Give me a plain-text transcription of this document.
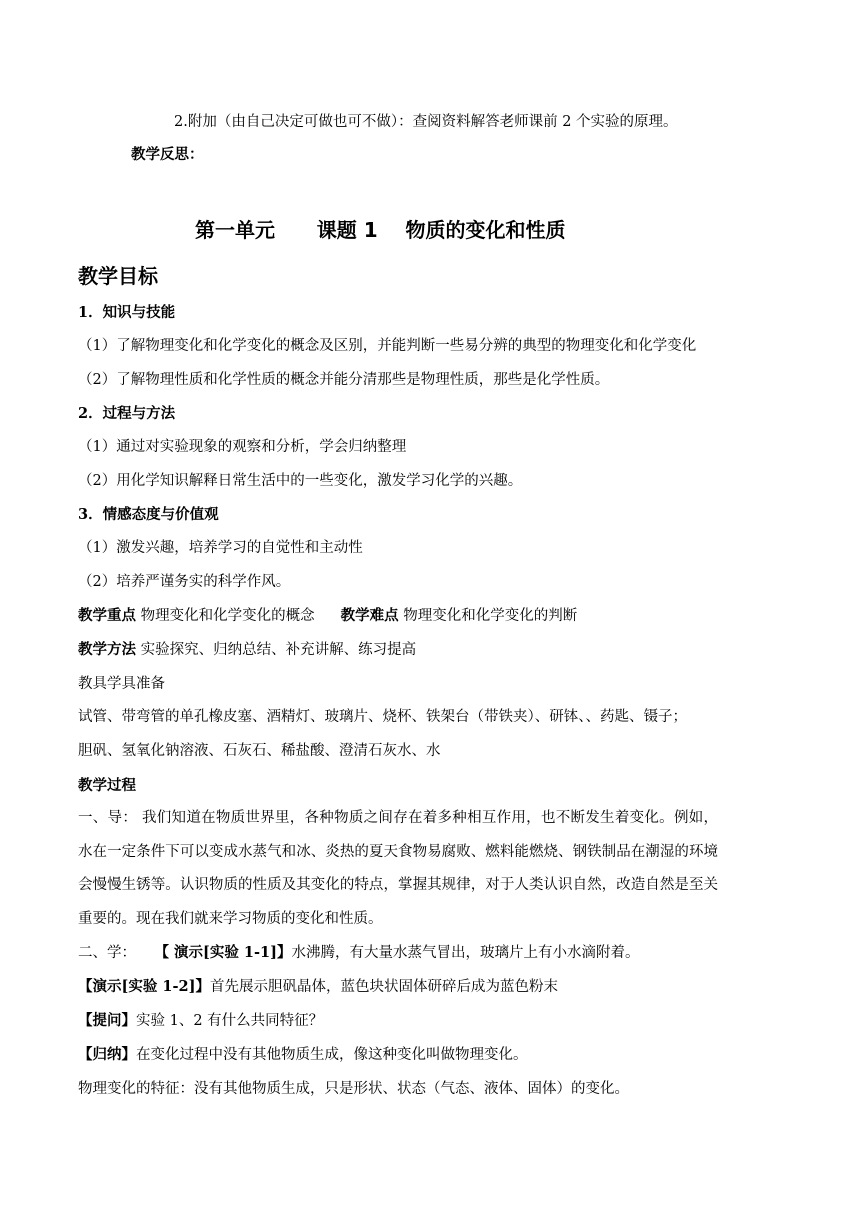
2.附加（由自己决定可做也可不做）：查阅资料解答老师课前 2 个实验的原理。
教学反思：
第一单元      课题 1    物质的变化和性质
教学目标
1．知识与技能
（1）了解物理变化和化学变化的概念及区别，并能判断一些易分辨的典型的物理变化和化学变化
（2）了解物理性质和化学性质的概念并能分清那些是物理性质，那些是化学性质。
2．过程与方法
（1）通过对实验现象的观察和分析，学会归纳整理
（2）用化学知识解释日常生活中的一些变化，激发学习化学的兴趣。
3．情感态度与价值观
（1）激发兴趣，培养学习的自觉性和主动性
（2）培养严谨务实的科学作风。
教学重点 物理变化和化学变化的概念 教学难点 物理变化和化学变化的判断
教学方法 实验探究、归纳总结、补充讲解、练习提高
教具学具准备
试管、带弯管的单孔橡皮塞、酒精灯、玻璃片、烧杯、铁架台（带铁夹）、研钵、、药匙、镊子；
胆矾、氢氧化钠溶液、石灰石、稀盐酸、澄清石灰水、水
教学过程
一、导： 我们知道在物质世界里，各种物质之间存在着多种相互作用，也不断发生着变化。例如，水在一定条件下可以变成水蒸气和冰、炎热的夏天食物易腐败、燃料能燃烧、钢铁制品在潮湿的环境会慢慢生锈等。认识物质的性质及其变化的特点，掌握其规律，对于人类认识自然，改造自然是至关重要的。现在我们就来学习物质的变化和性质。
二、学：    【 演示[实验 1-1]】水沸腾，有大量水蒸气冒出，玻璃片上有小水滴附着。
【演示[实验 1-2]】首先展示胆矾晶体，蓝色块状固体研碎后成为蓝色粉末
【提问】实验 1、2 有什么共同特征？
【归纳】在变化过程中没有其他物质生成，像这种变化叫做物理变化。
物理变化的特征：没有其他物质生成，只是形状、状态（气态、液体、固体）的变化。
